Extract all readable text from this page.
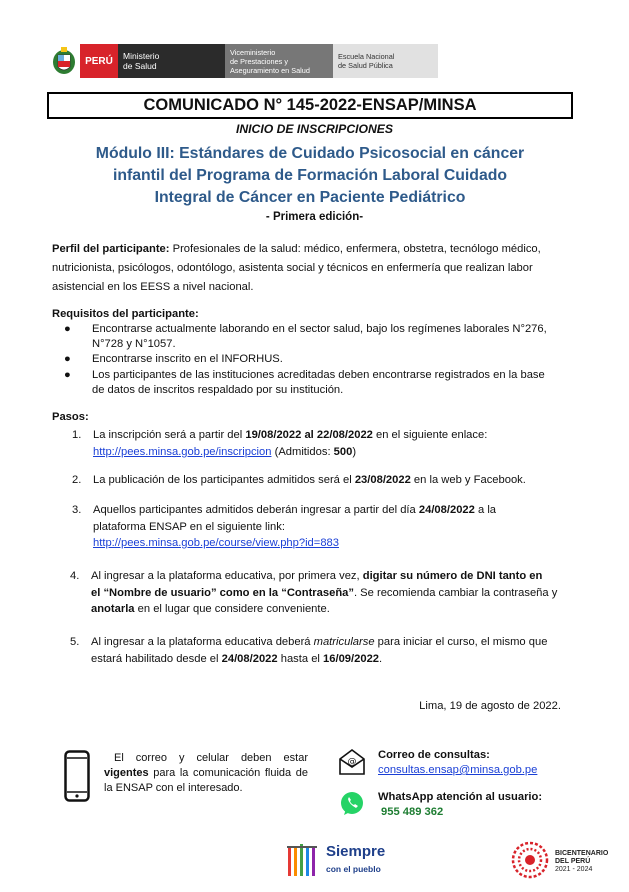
PERÚ Ministerio
de Salud
Viceministerio
de Prestaciones y
Aseguramiento en Salud
Escuela Nacional
de Salud Pública
COMUNICADO N° 145-2022-ENSAP/MINSA
INICIO DE INSCRIPCIONES
Módulo III: Estándares de Cuidado Psicosocial en cáncer
infantil del Programa de Formación Laboral Cuidado
Integral de Cáncer en Paciente Pediátrico
- Primera edición-
Perfil del participante: Profesionales de la salud: médico, enfermera, obstetra, tecnólogo médico,
nutricionista, psicólogos, odontólogo, asistenta social y técnicos en enfermería que realizan labor
asistencial en los EESS a nivel nacional.
Requisitos del participante:
● Encontrarse actualmente laborando en el sector salud, bajo los regímenes laborales N°276,
N°728 y N°1057.
● Encontrarse inscrito en el INFORHUS.
● Los participantes de las instituciones acreditadas deben encontrarse registrados en la base
de datos de inscritos respaldado por su institución.
Pasos:
1. La inscripción será a partir del 19/08/2022 al 22/08/2022 en el siguiente enlace:
http://pees.minsa.gob.pe/inscripcion (Admitidos: 500)
2.	La publicación de los participantes admitidos será el 23/08/2022 en la web y Facebook.
3. Aquellos participantes admitidos deberán ingresar a partir del día 24/08/2022 a la
plataforma ENSAP en el siguiente link:
http://pees.minsa.gob.pe/course/view.php?id=883
4. Al ingresar a la plataforma educativa, por primera vez, digitar su número de DNI tanto en
el “Nombre de usuario” como en la “Contraseña”. Se recomienda cambiar la contraseña y
anotarla en el lugar que considere conveniente.
5. Al ingresar a la plataforma educativa deberá matricularse para iniciar el curso, el mismo que
estará habilitado desde el 24/08/2022 hasta el 16/09/2022.
Lima, 19 de agosto de 2022.
El correo y celular deben estar vigentes para la comunicación fluida de la ENSAP con el interesado.
@
Correo de consultas:
consultas.ensap@minsa.gob.pe
WhatsApp atención al usuario:
955 489 362
Siempre
con el pueblo
BICENTENARIO
DEL PERÚ
2021 - 2024
